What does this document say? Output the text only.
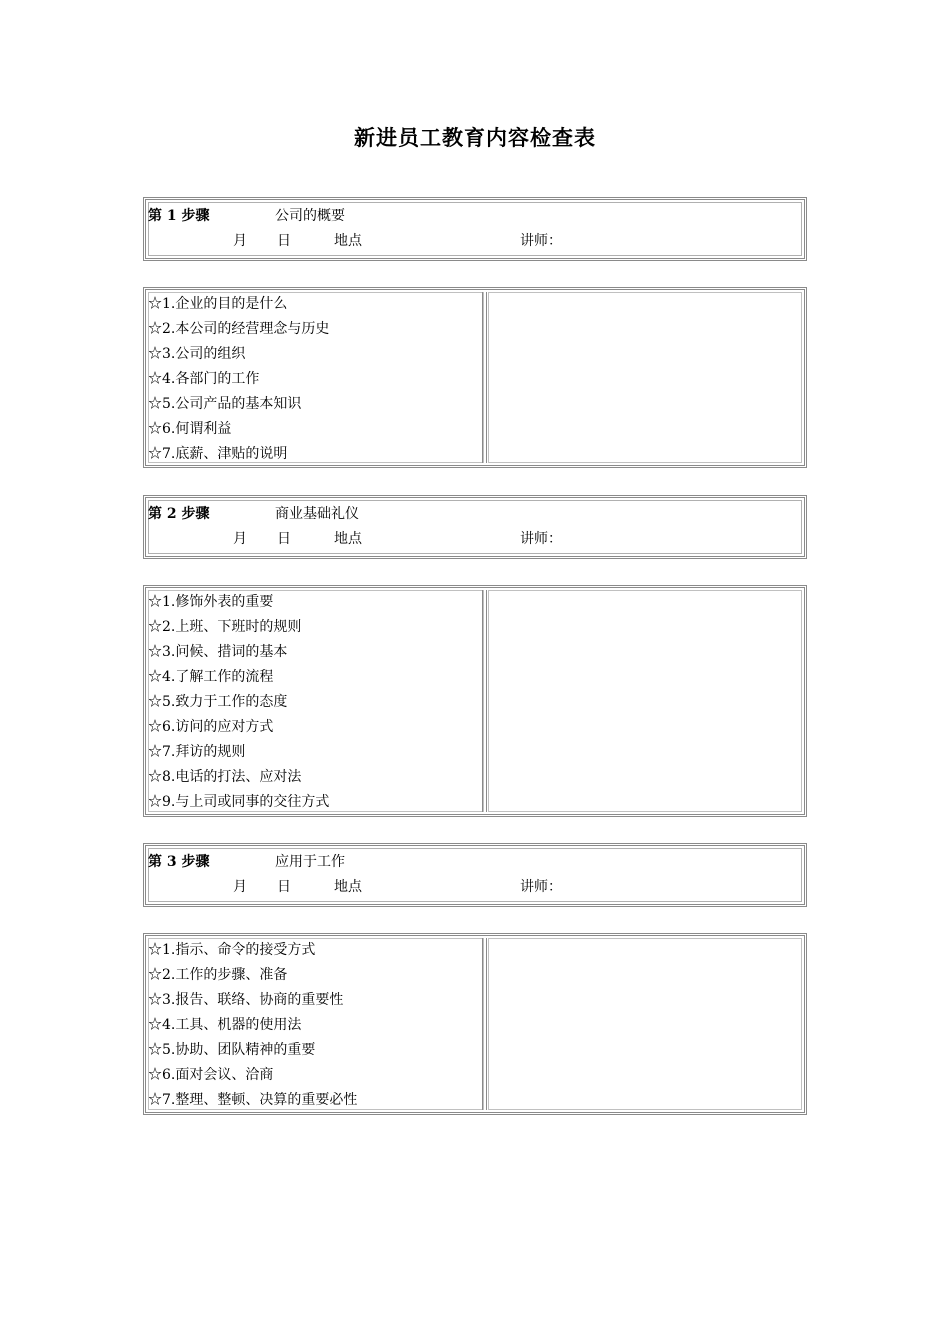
新进员工教育内容检查表
第 1 步骤	公司的概要
月 日	地点	讲师：
☆1.企业的目的是什么
☆2.本公司的经营理念与历史
☆3.公司的组织
☆4.各部门的工作
☆5.公司产品的基本知识
☆6.何谓利益
☆7.底薪、津贴的说明
第 2 步骤	商业基础礼仪
月 日	地点	讲师：
☆1.修饰外表的重要
☆2.上班、下班时的规则
☆3.问候、措词的基本
☆4.了解工作的流程
☆5.致力于工作的态度
☆6.访问的应对方式
☆7.拜访的规则
☆8.电话的打法、应对法
☆9.与上司或同事的交往方式
第 3 步骤	应用于工作
月 日	地点	讲师：
☆1.指示、命令的接受方式
☆2.工作的步骤、准备
☆3.报告、联络、协商的重要性
☆4.工具、机器的使用法
☆5.协助、团队精神的重要
☆6.面对会议、洽商
☆7.整理、整顿、决算的重要必性
